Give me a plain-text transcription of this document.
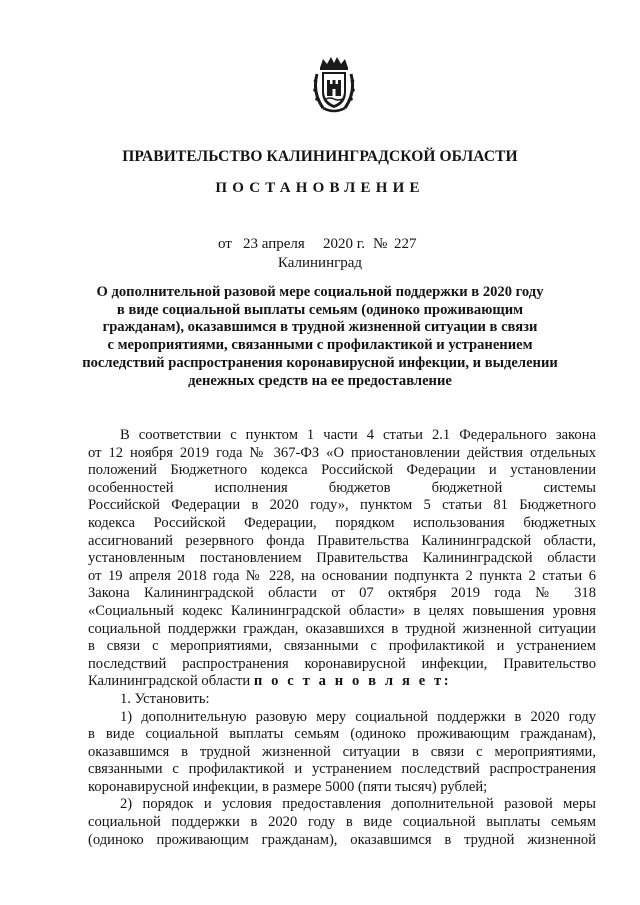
ПРАВИТЕЛЬСТВО КАЛИНИНГРАДСКОЙ ОБЛАСТИ
ПОСТАНОВЛЕНИЕ
от 23 апреля 2020 г. № 227
Калининград
О дополнительной разовой мере социальной поддержки в 2020 году
в виде социальной выплаты семьям (одиноко проживающим
гражданам), оказавшимся в трудной жизненной ситуации в связи
с мероприятиями, связанными с профилактикой и устранением
последствий распространения коронавирусной инфекции, и выделении
денежных средств на ее предоставление
В соответствии с пунктом 1 части 4 статьи 2.1 Федерального закона
от 12 ноября 2019 года № 367-ФЗ «О приостановлении действия отдельных
положений Бюджетного кодекса Российской Федерации и установлении
особенностей исполнения бюджетов бюджетной системы
Российской Федерации в 2020 году», пунктом 5 статьи 81 Бюджетного
кодекса Российской Федерации, порядком использования бюджетных
ассигнований резервного фонда Правительства Калининградской области,
установленным постановлением Правительства Калининградской области
от 19 апреля 2018 года № 228, на основании подпункта 2 пункта 2 статьи 6
Закона Калининградской области от 07 октября 2019 года № 318
«Социальный кодекс Калининградской области» в целях повышения уровня
социальной поддержки граждан, оказавшихся в трудной жизненной ситуации
в связи с мероприятиями, связанными с профилактикой и устранением
последствий распространения коронавирусной инфекции, Правительство
Калининградской области п о с т а н о в л я е т:
1. Установить:
1) дополнительную разовую меру социальной поддержки в 2020 году
в виде социальной выплаты семьям (одиноко проживающим гражданам),
оказавшимся в трудной жизненной ситуации в связи с мероприятиями,
связанными с профилактикой и устранением последствий распространения
коронавирусной инфекции, в размере 5000 (пяти тысяч) рублей;
2) порядок и условия предоставления дополнительной разовой меры
социальной поддержки в 2020 году в виде социальной выплаты семьям
(одиноко проживающим гражданам), оказавшимся в трудной жизненной
